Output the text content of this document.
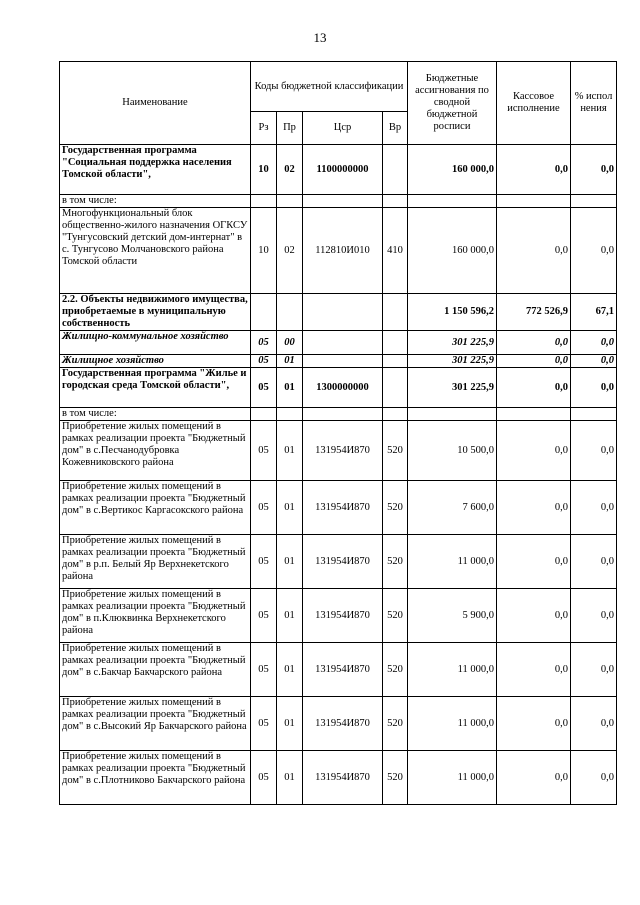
13
Наименование	Коды бюджетной классификации				Бюджетные ассигнования по сводной бюджетной росписи	Кассовое исполнение	% испол нения
	Рз	Пр	Цср	Вр			
Государственная программа "Социальная поддержка населения Томской области",	10	02	1100000000		160 000,0	0,0	0,0
в том числе:							
Многофункциональный блок общественно-жилого назначения ОГКСУ "Тунгусовский детский дом-интернат" в с. Тунгусово Молчановского района Томской области	10	02	112810И010	410	160 000,0	0,0	0,0
2.2. Объекты недвижимого имущества, приобретаемые в муниципальную собственность					1 150 596,2	772 526,9	67,1
Жилищно-коммунальное хозяйство	05	00			301 225,9	0,0	0,0
Жилищное хозяйство	05	01			301 225,9	0,0	0,0
Государственная программа "Жилье и городская среда Томской области",	05	01	1300000000		301 225,9	0,0	0,0
в том числе:							
Приобретение жилых помещений в рамках реализации проекта "Бюджетный дом" в с.Песчанодубровка Кожевниковского района	05	01	131954И870	520	10 500,0	0,0	0,0
Приобретение жилых помещений в рамках реализации проекта "Бюджетный дом" в с.Вертикос Каргасокского района	05	01	131954И870	520	7 600,0	0,0	0,0
Приобретение жилых помещений в рамках реализации проекта "Бюджетный дом" в р.п. Белый Яр Верхнекетского района	05	01	131954И870	520	11 000,0	0,0	0,0
Приобретение жилых помещений в рамках реализации проекта "Бюджетный дом" в п.Клюквинка Верхнекетского района	05	01	131954И870	520	5 900,0	0,0	0,0
Приобретение жилых помещений в рамках реализации проекта "Бюджетный дом" в с.Бакчар Бакчарского района	05	01	131954И870	520	11 000,0	0,0	0,0
Приобретение жилых помещений в рамках реализации проекта "Бюджетный дом" в с.Высокий Яр Бакчарского района	05	01	131954И870	520	11 000,0	0,0	0,0
Приобретение жилых помещений в рамках реализации проекта "Бюджетный дом" в с.Плотниково Бакчарского района	05	01	131954И870	520	11 000,0	0,0	0,0
